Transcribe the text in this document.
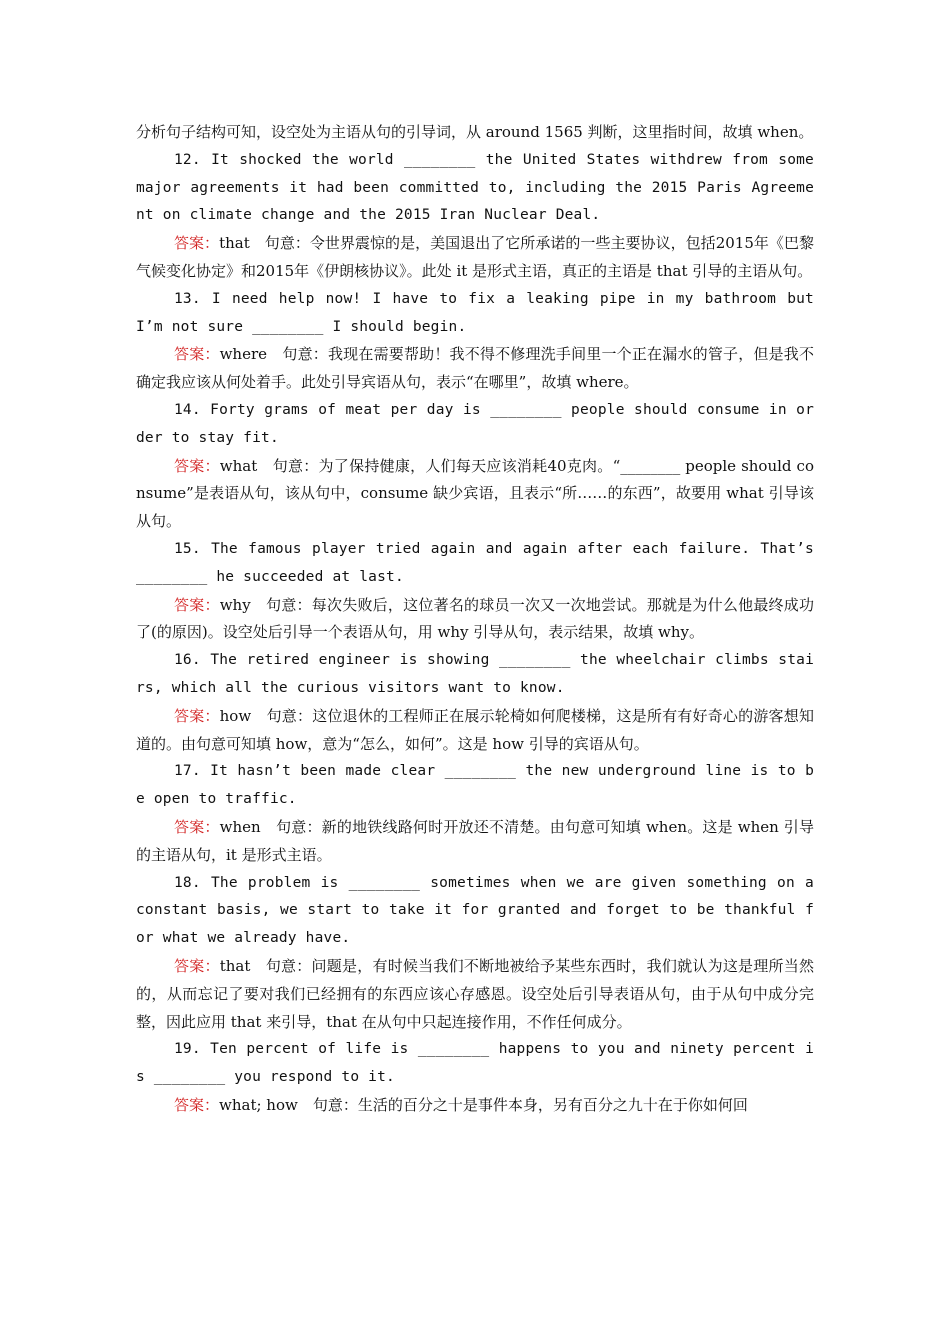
分析句子结构可知，设空处为主语从句的引导词，从 around 1565 判断，这里指时间，故填 when。

12. It shocked the world ________ the United States withdrew from some major agreements it had been committed to, including the 2015 Paris Agreement on climate change and the 2015 Iran Nuclear Deal.

答案：that　句意：令世界震惊的是，美国退出了它所承诺的一些主要协议，包括2015年《巴黎气候变化协定》和2015年《伊朗核协议》。此处 it 是形式主语，真正的主语是 that 引导的主语从句。

13. I need help now! I have to fix a leaking pipe in my bathroom but I’m not sure ________ I should begin.

答案：where　句意：我现在需要帮助！我不得不修理洗手间里一个正在漏水的管子，但是我不确定我应该从何处着手。此处引导宾语从句，表示“在哪里”，故填 where。

14. Forty grams of meat per day is ________ people should consume in order to stay fit.

答案：what　句意：为了保持健康，人们每天应该消耗40克肉。“________ people should consume”是表语从句，该从句中，consume 缺少宾语，且表示“所……的东西”，故要用 what 引导该从句。

15. The famous player tried again and again after each failure. That’s ________ he succeeded at last.

答案：why　句意：每次失败后，这位著名的球员一次又一次地尝试。那就是为什么他最终成功了(的原因)。设空处后引导一个表语从句，用 why 引导从句，表示结果，故填 why。

16. The retired engineer is showing ________ the wheelchair climbs stairs, which all the curious visitors want to know.

答案：how　句意：这位退休的工程师正在展示轮椅如何爬楼梯，这是所有有好奇心的游客想知道的。由句意可知填 how，意为“怎么，如何”。这是 how 引导的宾语从句。

17. It hasn’t been made clear ________ the new underground line is to be open to traffic.

答案：when　句意：新的地铁线路何时开放还不清楚。由句意可知填 when。这是 when 引导的主语从句，it 是形式主语。

18. The problem is ________ sometimes when we are given something on a constant basis, we start to take it for granted and forget to be thankful for what we already have.

答案：that　句意：问题是，有时候当我们不断地被给予某些东西时，我们就认为这是理所当然的，从而忘记了要对我们已经拥有的东西应该心存感恩。设空处后引导表语从句，由于从句中成分完整，因此应用 that 来引导，that 在从句中只起连接作用，不作任何成分。

19. Ten percent of life is ________ happens to you and ninety percent is ________ you respond to it.

答案：what; how　句意：生活的百分之十是事件本身，另有百分之九十在于你如何回
